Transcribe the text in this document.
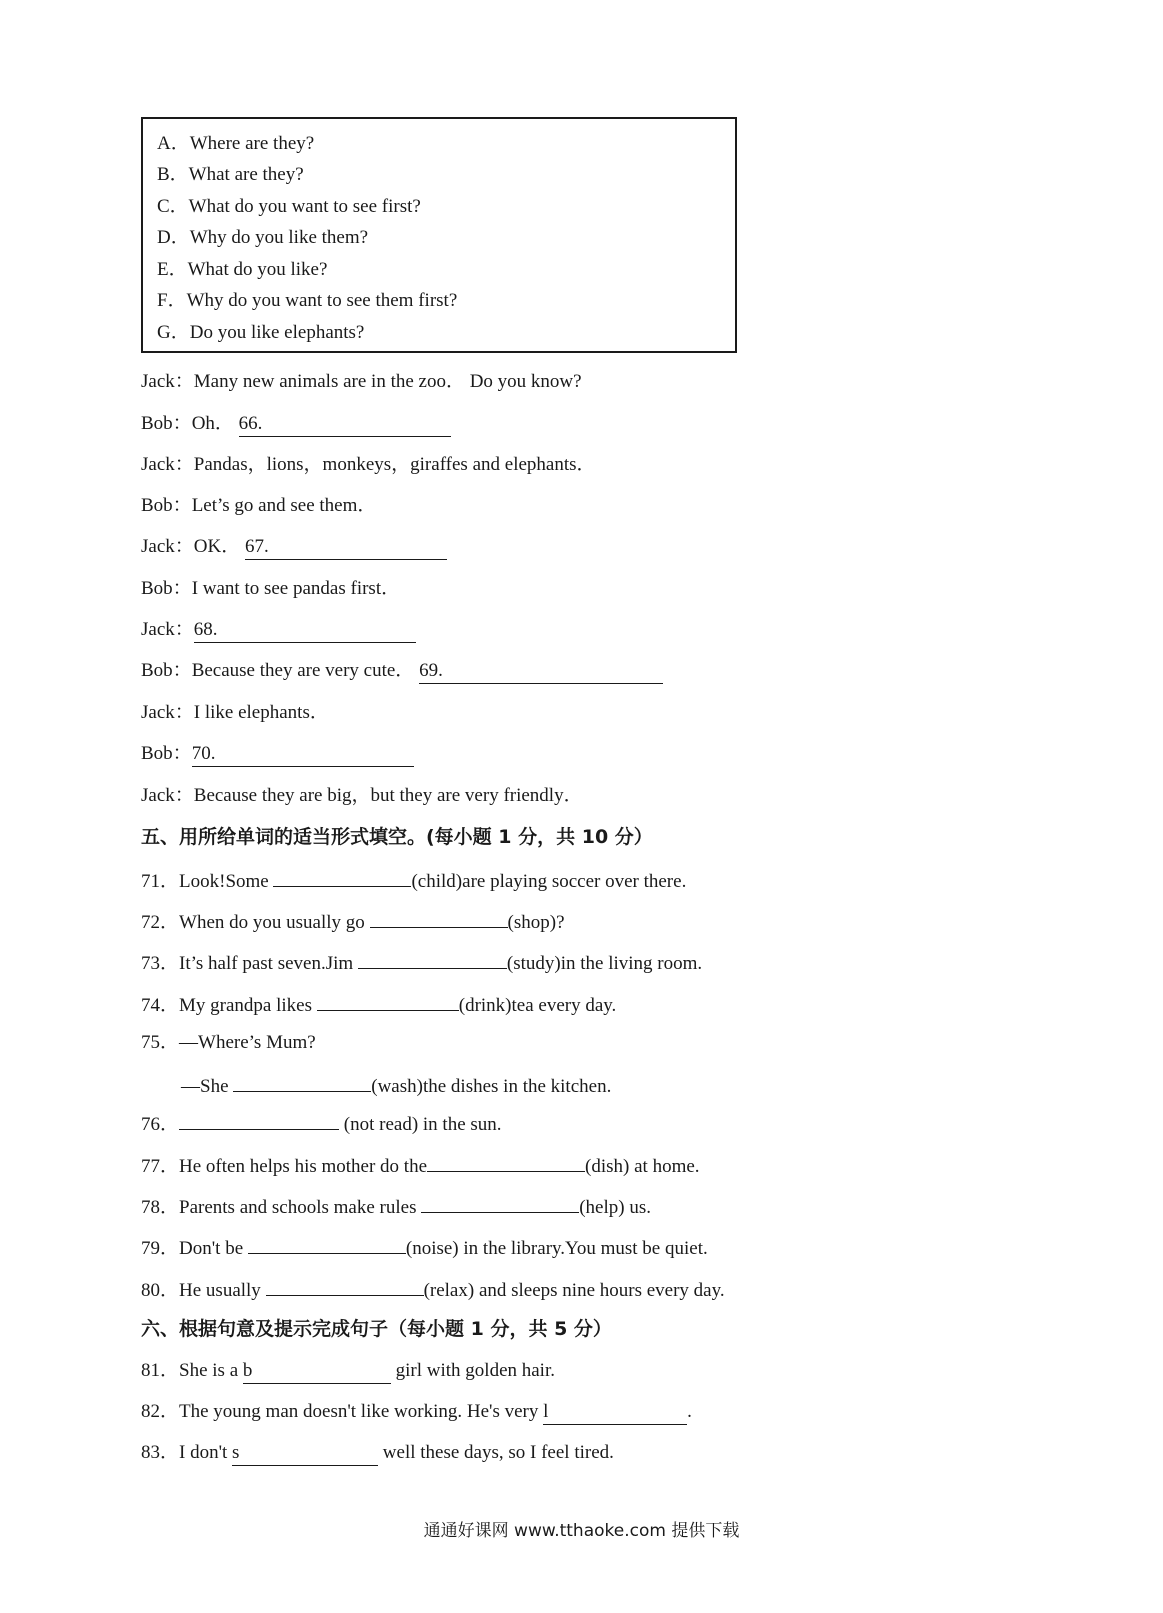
A．Where are they?
B．What are they?
C．What do you want to see first?
D．Why do you like them?
E．What do you like?
F．Why do you want to see them first?
G．Do you like elephants?
Jack：Many new animals are in the zoo． Do you know?
Bob：Oh． 66.
Jack：Pandas，lions，monkeys，giraffes and elephants．
Bob：Let’s go and see them．
Jack：OK． 67.
Bob：I want to see pandas first．
Jack：68.
Bob：Because they are very cute． 69.
Jack：I like elephants．
Bob：70.
Jack：Because they are big，but they are very friendly．
五、用所给单词的适当形式填空。(每小题 1 分，共 10 分）
71．Look!Some	(child)are playing soccer over there.
72．When do you usually go	(shop)?
73．It’s half past seven.Jim	(study)in the living room.
74．My grandpa likes	(drink)tea every day.
75．—Where’s Mum?
—She	(wash)the dishes in the kitchen.
76．	(not read) in the sun.
77．He often helps his mother do the	(dish) at home.
78．Parents and schools make rules	(help) us.
79．Don't be	(noise) in the library.You must be quiet.
80．He usually	(relax) and sleeps nine hours every day.
六、根据句意及提示完成句子（每小题 1 分，共 5 分）
81．She is a b	girl with golden hair.
82．The young man doesn't like working. He's very l	.
83．I don't s	well these days, so I feel tired.
通通好课网 www.tthaoke.com 提供下载
